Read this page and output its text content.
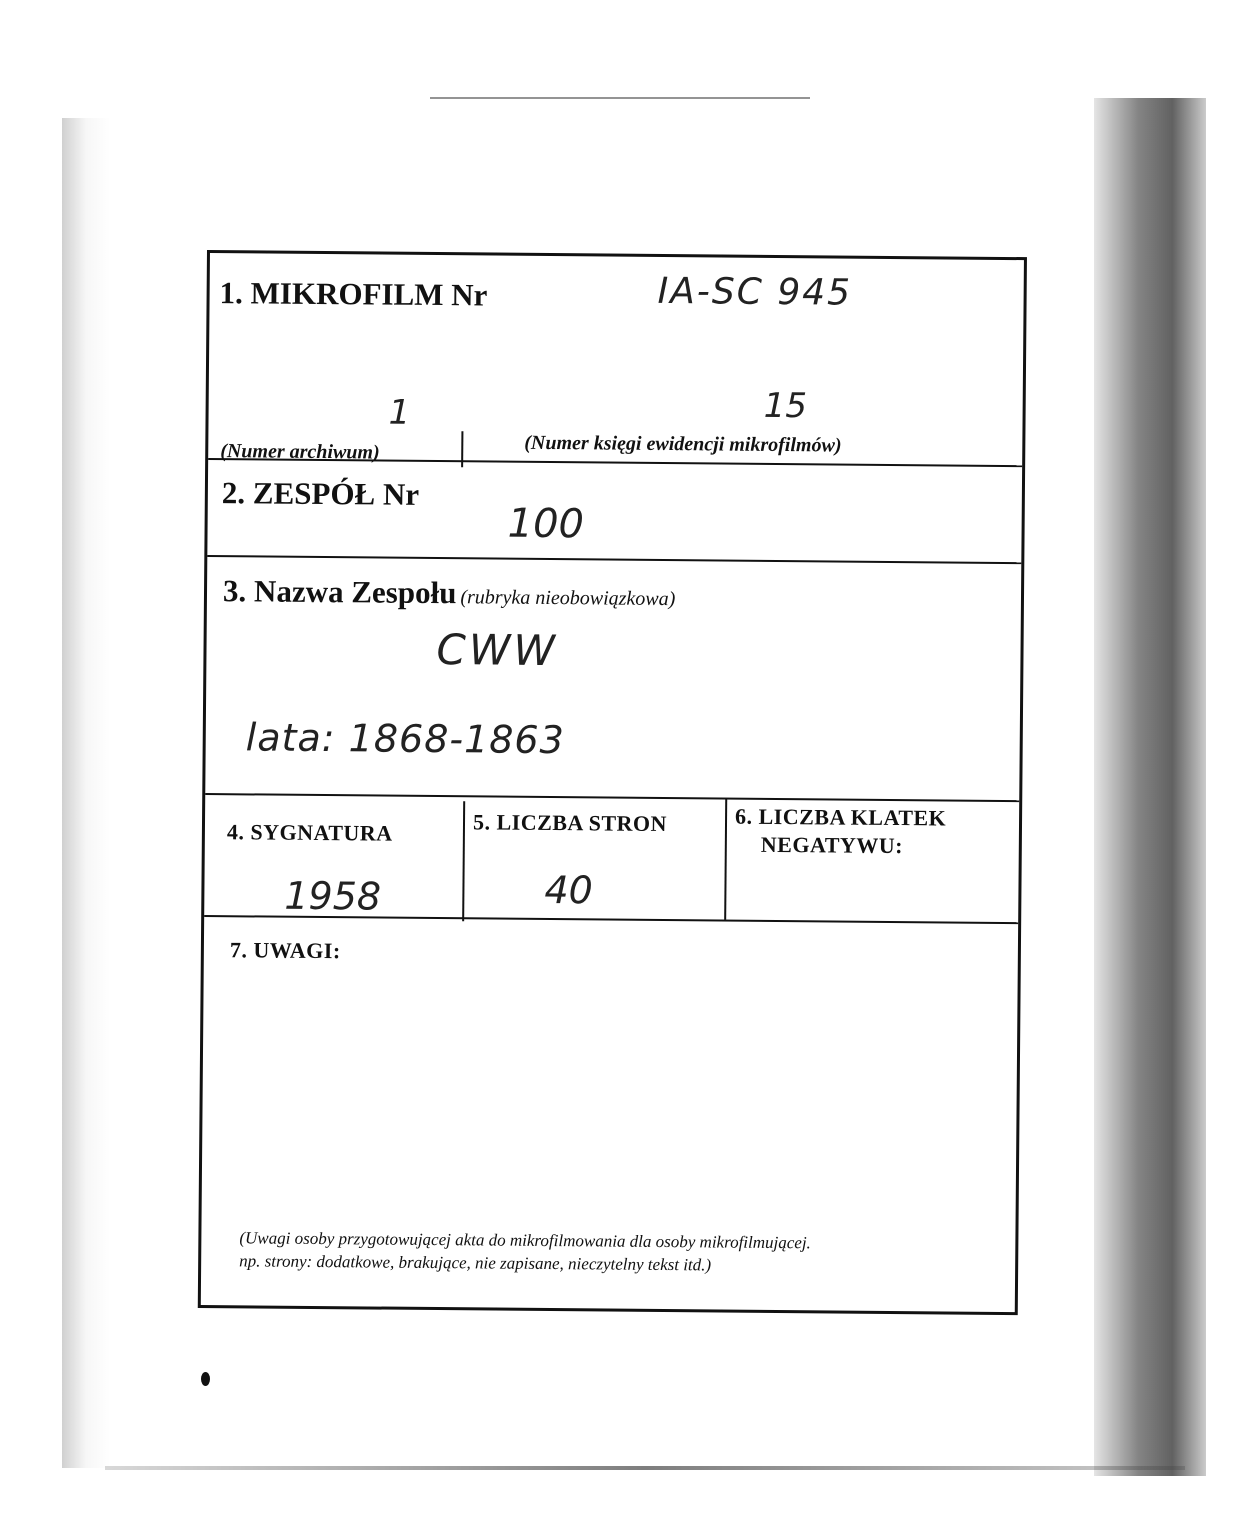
1. MIKROFILM Nr	IA-SC 945
1	15
(Numer archiwum)	(Numer księgi ewidencji mikrofilmów)
2. ZESPÓŁ Nr
100
3. Nazwa Zespołu (rubryka nieobowiązkowa)
CWW
lata: 1868-1863
4. SYGNATURA
1958
5. LICZBA STRON
40
6. LICZBA KLATEK
NEGATYWU:
7. UWAGI:
(Uwagi osoby przygotowującej akta do mikrofilmowania dla osoby mikrofilmującej.
np. strony: dodatkowe, brakujące, nie zapisane, nieczytelny tekst itd.)
